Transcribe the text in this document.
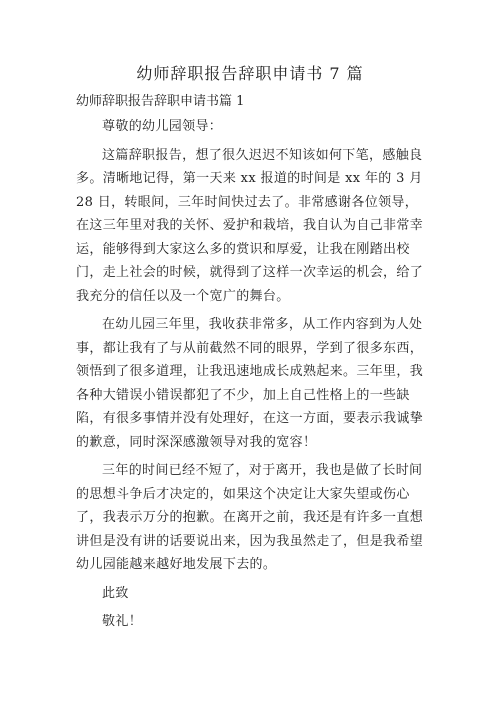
幼师辞职报告辞职申请书 7 篇
幼师辞职报告辞职申请书篇 1

尊敬的幼儿园领导：

这篇辞职报告，想了很久迟迟不知该如何下笔，感触良多。清晰地记得，第一天来 xx 报道的时间是 xx 年的 3 月 28 日，转眼间，三年时间快过去了。非常感谢各位领导，在这三年里对我的关怀、爱护和栽培，我自认为自己非常幸运，能够得到大家这么多的赏识和厚爱，让我在刚踏出校门，走上社会的时候，就得到了这样一次幸运的机会，给了我充分的信任以及一个宽广的舞台。

在幼儿园三年里，我收获非常多，从工作内容到为人处事，都让我有了与从前截然不同的眼界，学到了很多东西，领悟到了很多道理，让我迅速地成长成熟起来。三年里，我各种大错误小错误都犯了不少，加上自己性格上的一些缺陷，有很多事情并没有处理好，在这一方面，要表示我诚挚的歉意，同时深深感激领导对我的宽容！

三年的时间已经不短了，对于离开，我也是做了长时间的思想斗争后才决定的，如果这个决定让大家失望或伤心了，我表示万分的抱歉。在离开之前，我还是有许多一直想讲但是没有讲的话要说出来，因为我虽然走了，但是我希望幼儿园能越来越好地发展下去的。

此致

敬礼！
